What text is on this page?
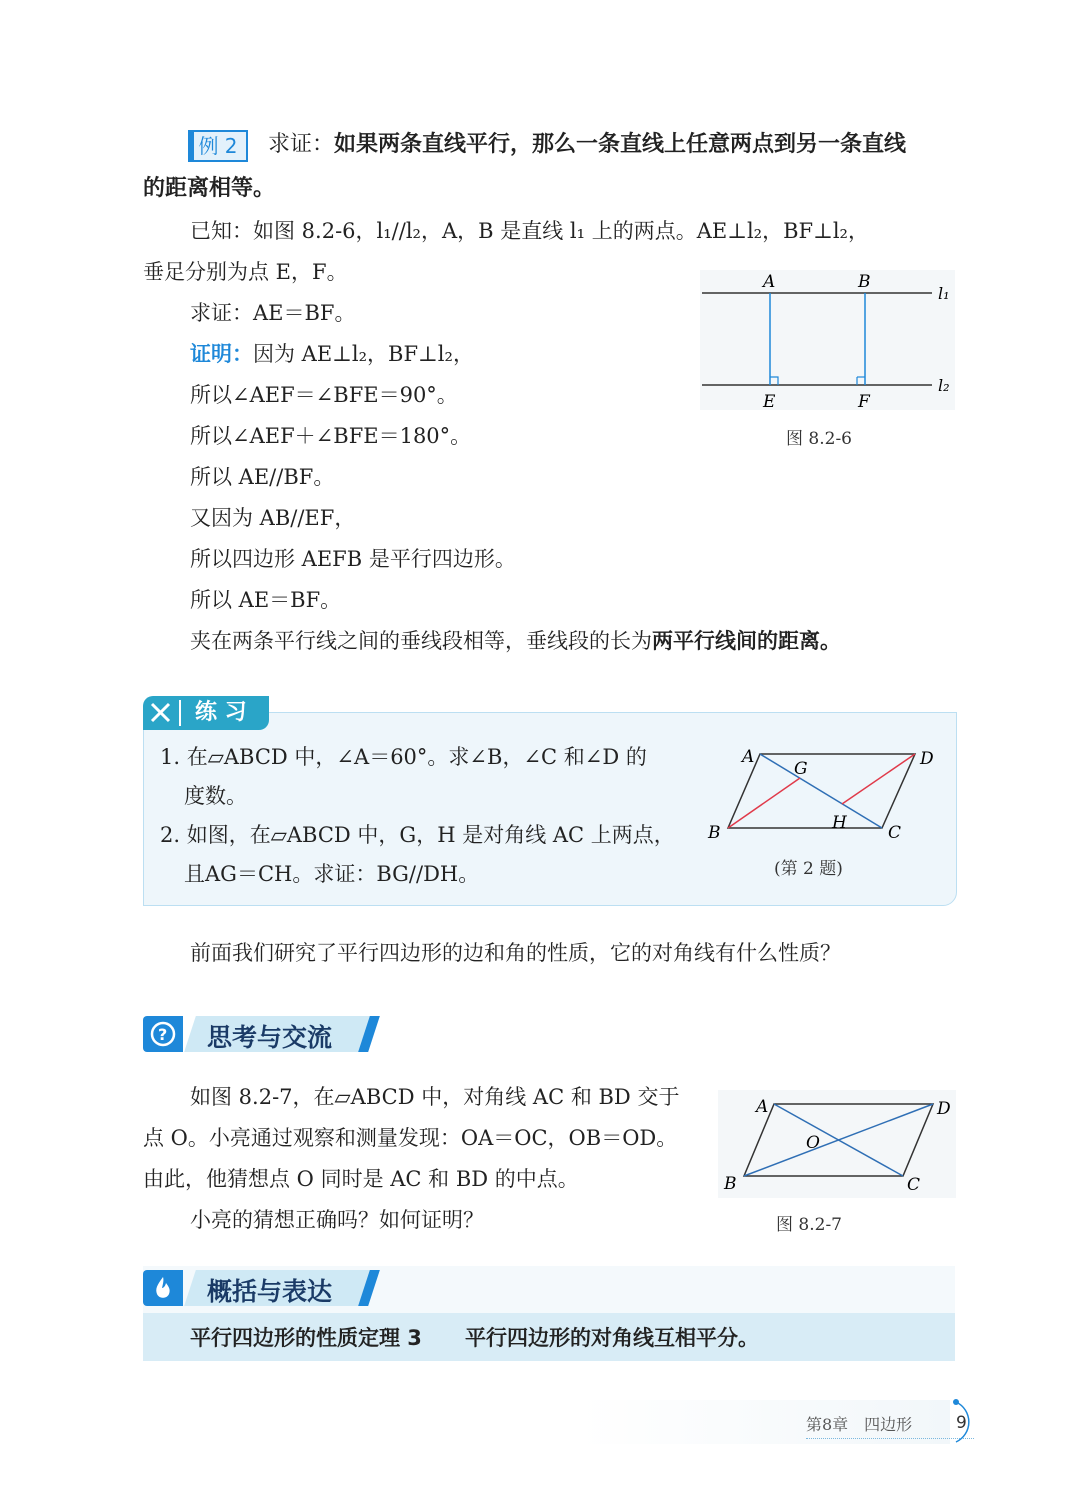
例 2	求证：如果两条直线平行，那么一条直线上任意两点到另一条直线
的距离相等。
已知：如图 8.2-6，l₁//l₂，A，B 是直线 l₁ 上的两点。AE⊥l₂，BF⊥l₂，
垂足分别为点 E，F。
求证：AE＝BF。
证明：因为 AE⊥l₂，BF⊥l₂，
所以∠AEF＝∠BFE＝90°。
所以∠AEF＋∠BFE＝180°。
所以 AE//BF。
又因为 AB//EF，
所以四边形 AEFB 是平行四边形。
所以 AE＝BF。
夹在两条平行线之间的垂线段相等，垂线段的长为两平行线间的距离。
A	B
E	F
l₁
l₂
图 8.2-6
练 习
1. 在▱ABCD 中，∠A＝60°。求∠B，∠C 和∠D 的
度数。
2. 如图，在▱ABCD 中，G，H 是对角线 AC 上两点，
且AG＝CH。求证：BG//DH。
A	D
B	C
G
H
(第 2 题)
前面我们研究了平行四边形的边和角的性质，它的对角线有什么性质？
? 思考与交流
如图 8.2-7，在▱ABCD 中，对角线 AC 和 BD 交于
点 O。小亮通过观察和测量发现：OA＝OC，OB＝OD。
由此，他猜想点 O 同时是 AC 和 BD 的中点。
小亮的猜想正确吗？如何证明？
A	D
B	C
O
图 8.2-7
概括与表达
平行四边形的性质定理 3 平行四边形的对角线互相平分。
第8章　四边形	9
